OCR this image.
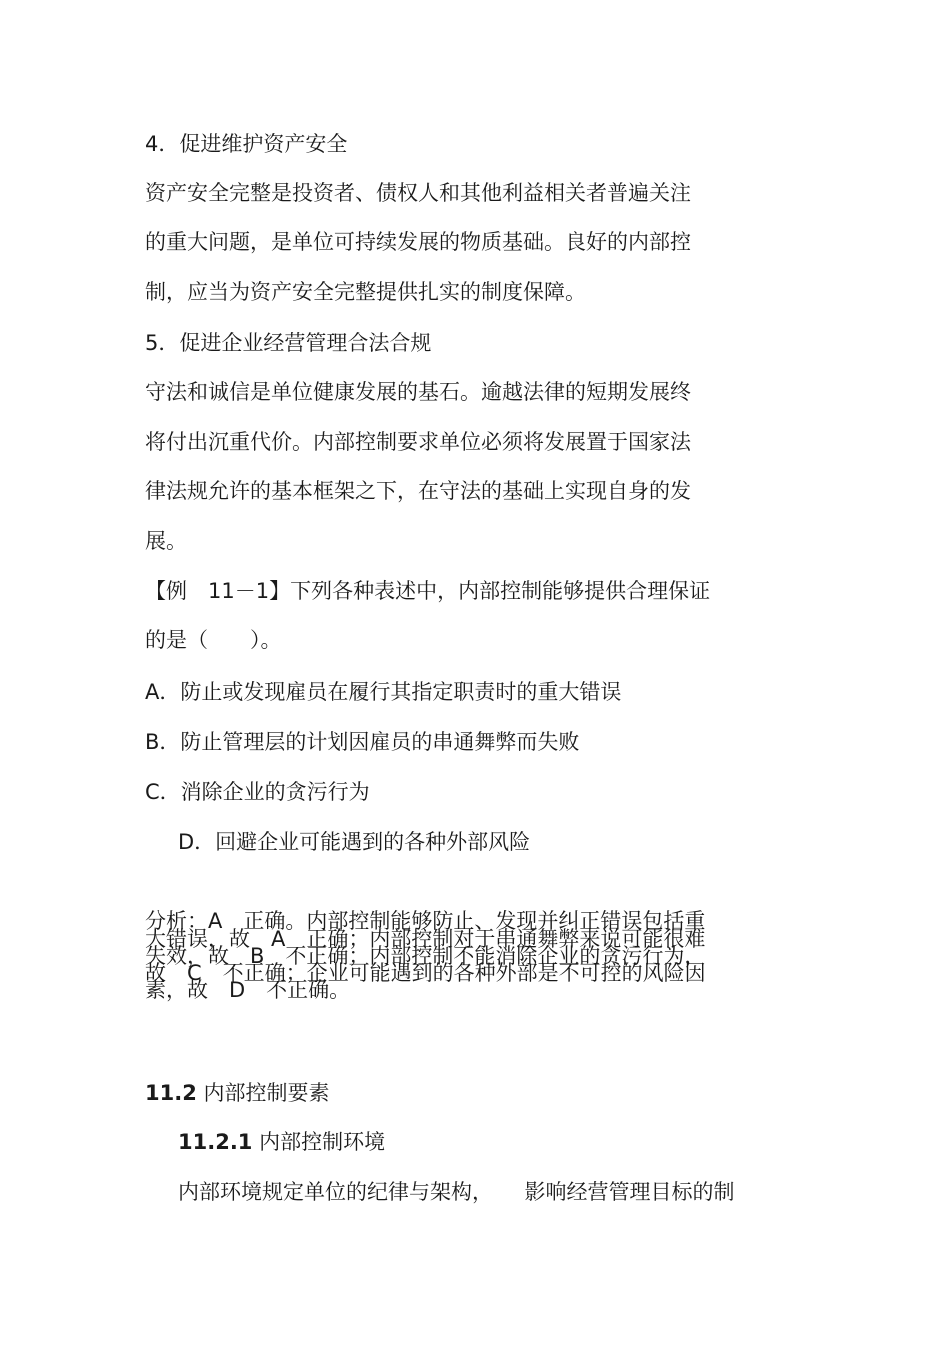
4．促进维护资产安全
资产安全完整是投资者、债权人和其他利益相关者普遍关注
的重大问题，是单位可持续发展的物质基础。良好的内部控
制，应当为资产安全完整提供扎实的制度保障。
5．促进企业经营管理合法合规
守法和诚信是单位健康发展的基石。逾越法律的短期发展终
将付出沉重代价。内部控制要求单位必须将发展置于国家法
律法规允许的基本框架之下，在守法的基础上实现自身的发
展。
【例　11－1】下列各种表述中，内部控制能够提供合理保证
的是（　　）。
A．防止或发现雇员在履行其指定职责时的重大错误
B．防止管理层的计划因雇员的串通舞弊而失败
C．消除企业的贪污行为
D．回避企业可能遇到的各种外部风险
分析：A　正确。内部控制能够防止、发现并纠正错误包括重
大错误，故　A　正确；内部控制对于串通舞弊来说可能很难
失效，故　B　不正确；内部控制不能消除企业的贪污行为，
故　C　不正确；企业可能遇到的各种外部是不可控的风险因
素，故　D　不正确。
11.2 内部控制要素
11.2.1 内部控制环境
内部环境规定单位的纪律与架构，　　影响经营管理目标的制
